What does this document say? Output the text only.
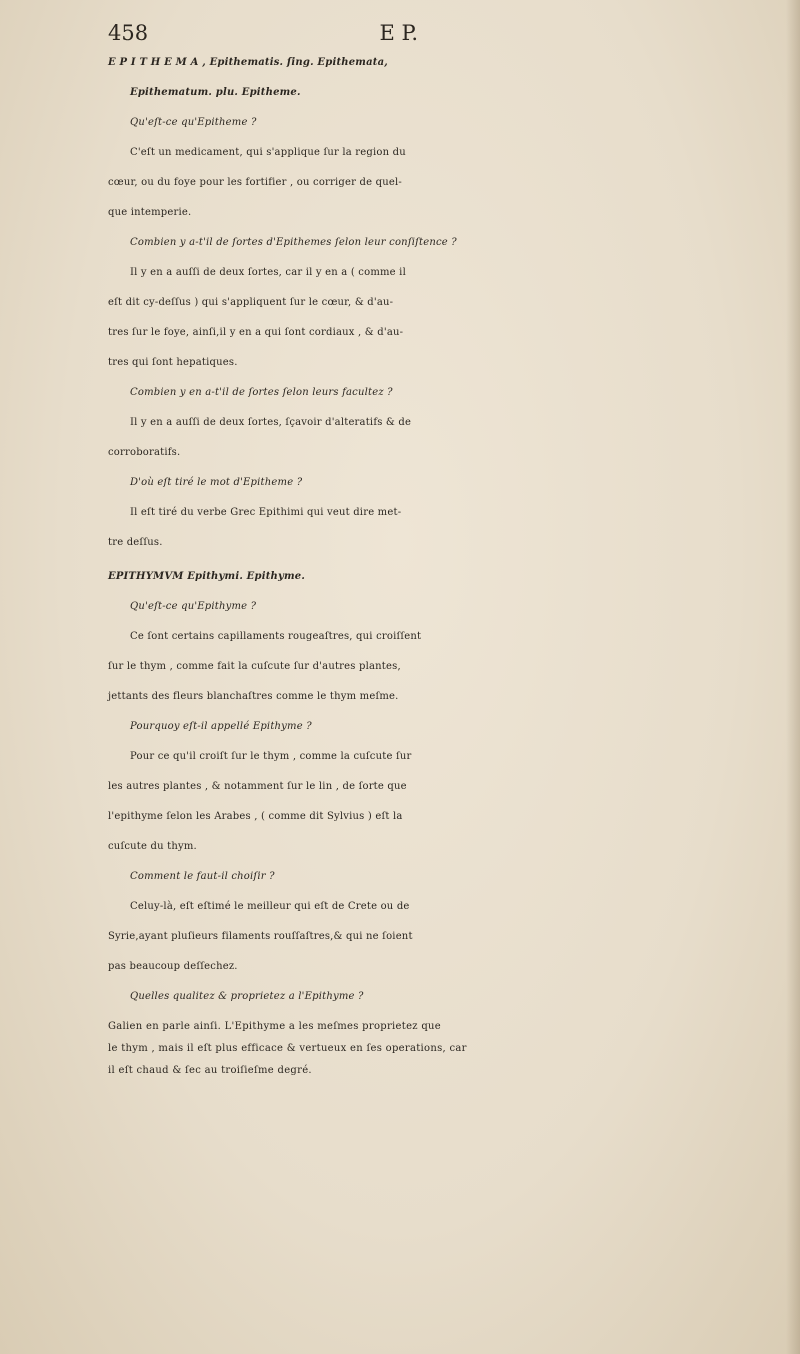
458	E P.
E P I T H E M A , Epithematis. ſing. Epithemata,
Epithematum. plu. Epitheme.
Qu'eſt-ce qu'Epitheme ?
C'eſt un medicament, qui s'applique ſur la region du
cœur, ou du foye pour les fortifier , ou corriger de quel-
que intemperie.
Combien y a-t'il de ſortes d'Epithemes ſelon leur conſiſtence ?
Il y en a auſſi de deux ſortes, car il y en a ( comme il
eſt dit cy-deſſus ) qui s'appliquent ſur le cœur, & d'au-
tres ſur le foye, ainſi,il y en a qui ſont cordiaux , & d'au-
tres qui ſont hepatiques.
Combien y en a-t'il de ſortes ſelon leurs facultez ?
Il y en a auſſi de deux ſortes, ſçavoir d'alteratifs & de
corroboratifs.
D'où eſt tiré le mot d'Epitheme ?
Il eſt tiré du verbe Grec Epithimi qui veut dire met-
tre deſſus.
EPITHYMVM Epithymi. Epithyme.
Qu'eſt-ce qu'Epithyme ?
Ce ſont certains capillaments rougeaſtres, qui croiſſent
ſur le thym , comme fait la cuſcute ſur d'autres plantes,
jettants des fleurs blanchaſtres comme le thym meſme.
Pourquoy eſt-il appellé Epithyme ?
Pour ce qu'il croiſt ſur le thym , comme la cuſcute ſur
les autres plantes , & notamment ſur le lin , de ſorte que
l'epithyme ſelon les Arabes , ( comme dit Sylvius ) eſt la
cuſcute du thym.
Comment le faut-il choiſir ?
Celuy-là, eſt eſtimé le meilleur qui eſt de Crete ou de
Syrie,ayant pluſieurs filaments rouſſaſtres,& qui ne ſoient
pas beaucoup deſſechez.
Quelles qualitez & proprietez a l'Epithyme ?
Galien en parle ainſi. L'Epithyme a les meſmes proprietez que
le thym , mais il eſt plus efficace & vertueux en ſes operations, car
il eſt chaud & ſec au troiſieſme degré.
